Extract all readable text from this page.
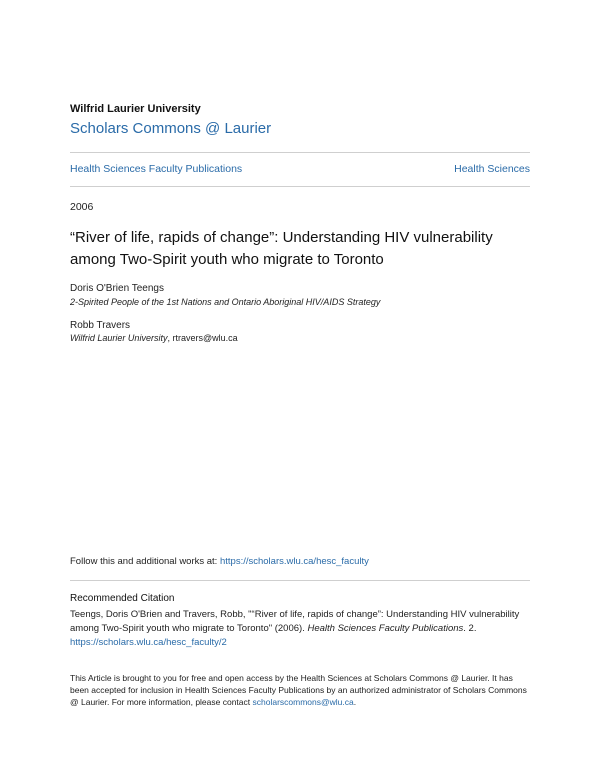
Wilfrid Laurier University
Scholars Commons @ Laurier
Health Sciences Faculty Publications	Health Sciences
2006
“River of life, rapids of change”: Understanding HIV vulnerability among Two-Spirit youth who migrate to Toronto
Doris O'Brien Teengs
2-Spirited People of the 1st Nations and Ontario Aboriginal HIV/AIDS Strategy
Robb Travers
Wilfrid Laurier University, rtravers@wlu.ca
Follow this and additional works at: https://scholars.wlu.ca/hesc_faculty
Recommended Citation
Teengs, Doris O'Brien and Travers, Robb, "“River of life, rapids of change”: Understanding HIV vulnerability among Two-Spirit youth who migrate to Toronto" (2006). Health Sciences Faculty Publications. 2.
https://scholars.wlu.ca/hesc_faculty/2
This Article is brought to you for free and open access by the Health Sciences at Scholars Commons @ Laurier. It has been accepted for inclusion in Health Sciences Faculty Publications by an authorized administrator of Scholars Commons @ Laurier. For more information, please contact scholarscommons@wlu.ca.
